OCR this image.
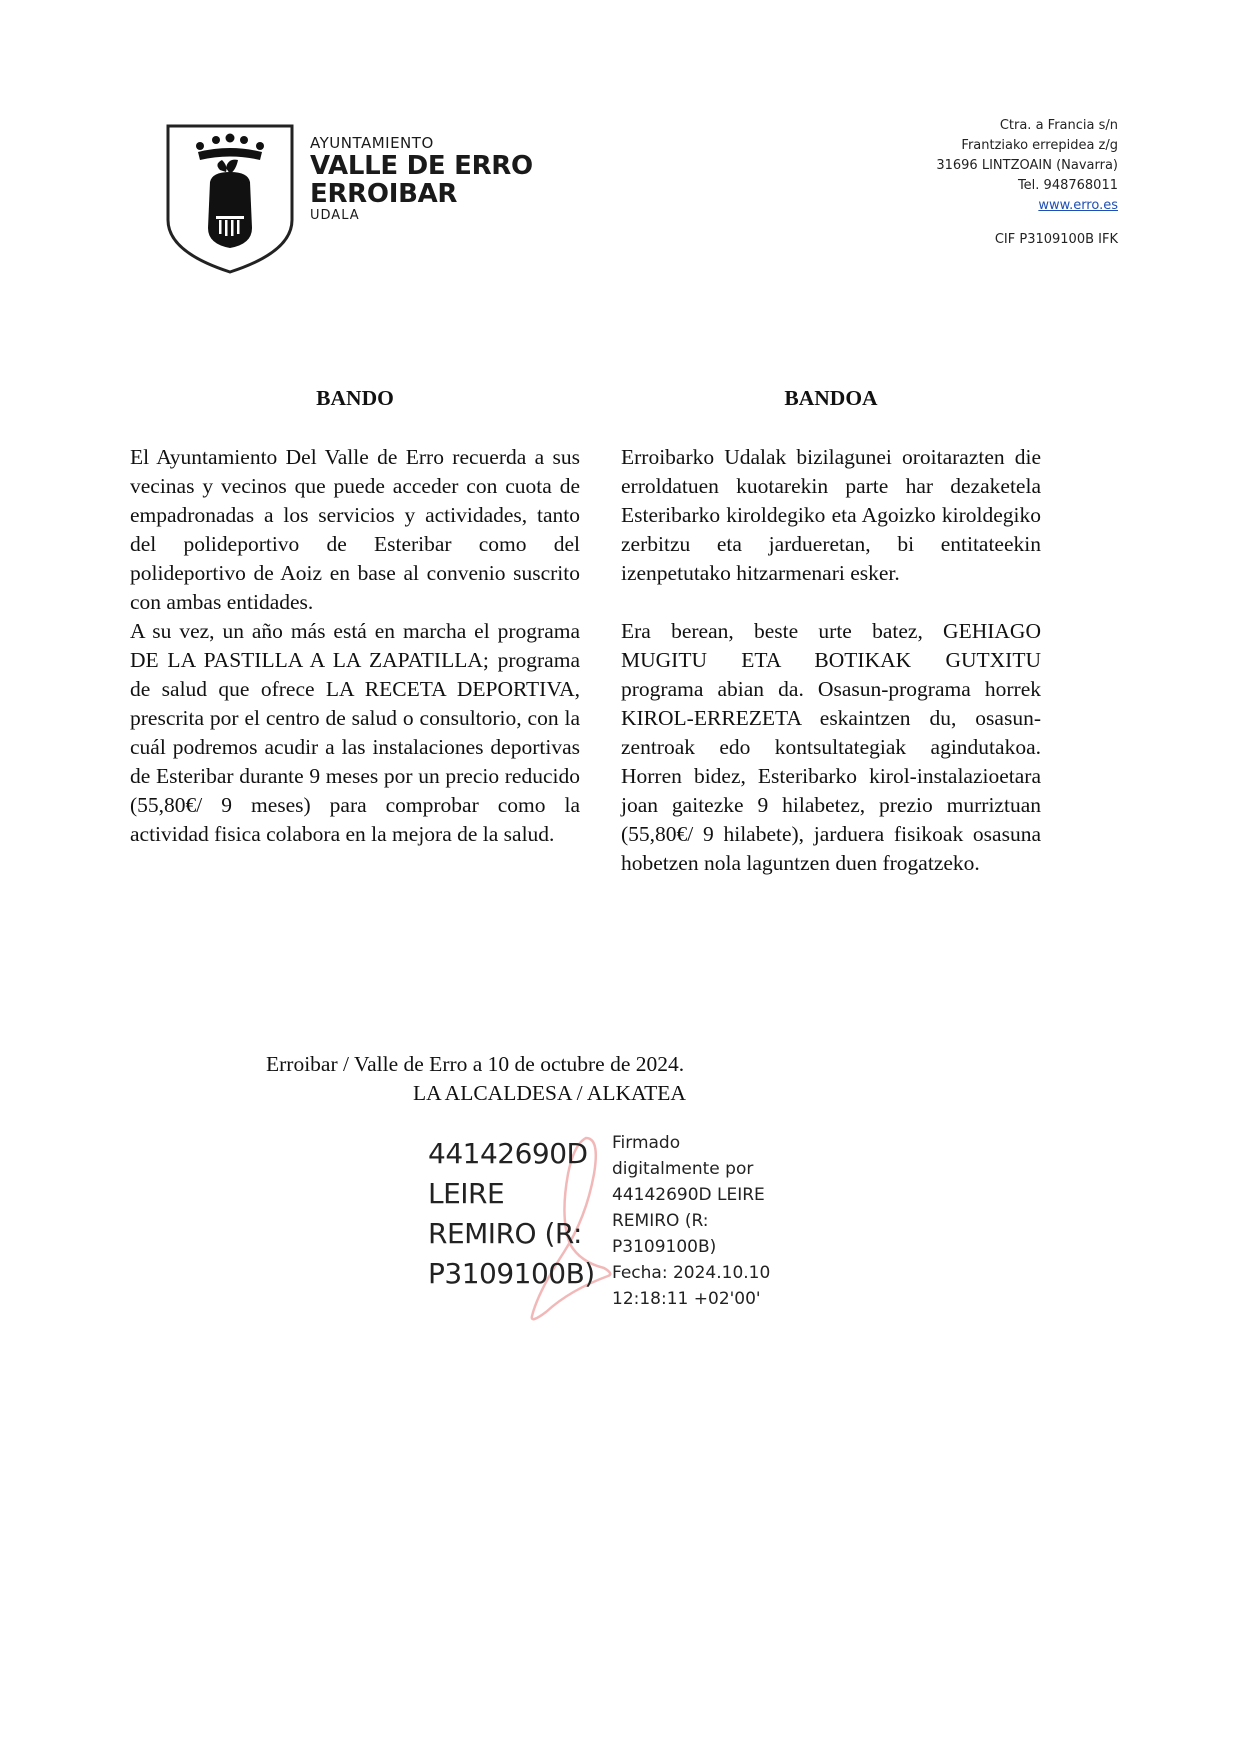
AYUNTAMIENTO
VALLE DE ERRO
ERROIBAR
UDALA
Ctra. a Francia s/n
Frantziako errepidea z/g
31696 LINTZOAIN (Navarra)
Tel. 948768011
www.erro.es
CIF P3109100B IFK
BANDO

El Ayuntamiento Del Valle de Erro recuerda a sus vecinas y vecinos que puede acceder con cuota de empadronadas a los servicios y actividades, tanto del polideportivo de Esteribar como del polideportivo de Aoiz en base al convenio suscrito con ambas entidades.

A su vez, un año más está en marcha el programa DE LA PASTILLA A LA ZAPATILLA; programa de salud que ofrece LA RECETA DEPORTIVA, prescrita por el centro de salud o consultorio, con la cuál podremos acudir a las instalaciones deportivas de Esteribar durante 9 meses por un precio reducido (55,80€/ 9 meses) para comprobar como la actividad fisica colabora en la mejora de la salud.

BANDOA

Erroibarko Udalak bizilagunei oroitarazten die erroldatuen kuotarekin parte har dezaketela Esteribarko kiroldegiko eta Agoizko kiroldegiko zerbitzu eta jardueretan, bi entitateekin izenpetutako hitzarmenari esker.

Era berean, beste urte batez, GEHIAGO MUGITU ETA BOTIKAK GUTXITU programa abian da. Osasun-programa horrek KIROL-ERREZETA eskaintzen du, osasun-zentroak edo kontsultategiak agindutakoa. Horren bidez, Esteribarko kirol-instalazioetara joan gaitezke 9 hilabetez, prezio murriztuan (55,80€/ 9 hilabete), jarduera fisikoak osasuna hobetzen nola laguntzen duen frogatzeko.

Erroibar / Valle de Erro a 10 de octubre de 2024.
LA ALCALDESA / ALKATEA
44142690D
LEIRE
REMIRO (R:
P3109100B)
Firmado
digitalmente por
44142690D LEIRE
REMIRO (R:
P3109100B)
Fecha: 2024.10.10
12:18:11 +02'00'
